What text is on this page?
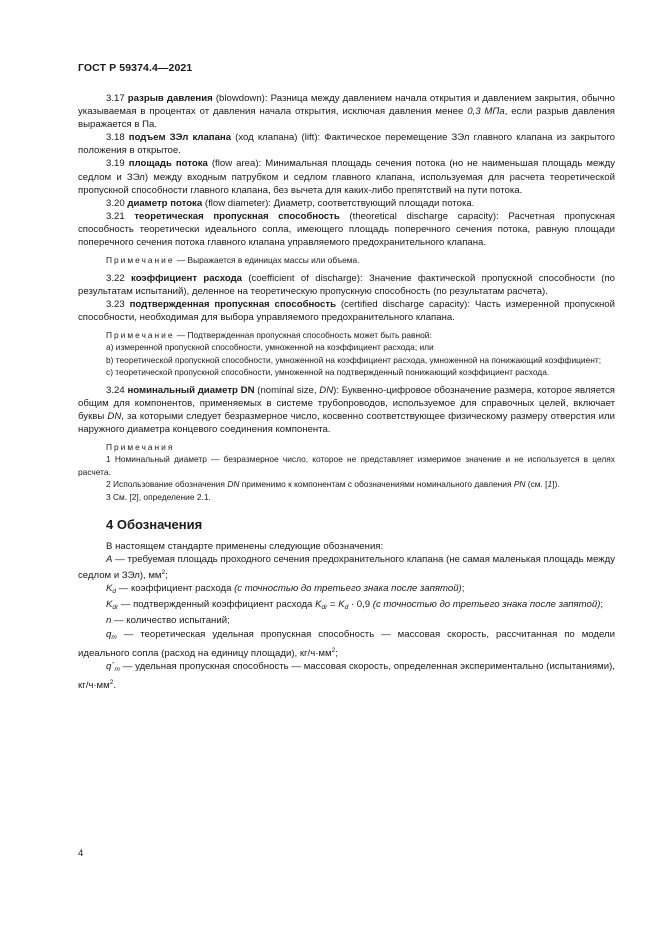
ГОСТ Р 59374.4—2021

3.17 разрыв давления (blowdown): Разница между давлением начала открытия и давлением закрытия, обычно указываемая в процентах от давления начала открытия, исключая давления менее 0,3 МПа, если разрыв давления выражается в Па.

3.18 подъем ЗЭл клапана (ход клапана) (lift): Фактическое перемещение ЗЭл главного клапана из закрытого положения в открытое.

3.19 площадь потока (flow area): Минимальная площадь сечения потока (но не наименьшая площадь между седлом и ЗЭл) между входным патрубком и седлом главного клапана, используемая для расчета теоретической пропускной способности главного клапана, без вычета для каких-либо препятствий на пути потока.

3.20 диаметр потока (flow diameter): Диаметр, соответствующий площади потока.

3.21 теоретическая пропускная способность (theoretical discharge capacity): Расчетная пропускная способность теоретически идеального сопла, имеющего площадь поперечного сечения потока, равную площади поперечного сечения потока главного клапана управляемого предохранительного клапана.

Примечание — Выражается в единицах массы или объема.

3.22 коэффициент расхода (coefficient of discharge): Значение фактической пропускной способности (по результатам испытаний), деленное на теоретическую пропускную способность (по результатам расчета).

3.23 подтвержденная пропускная способность (certified discharge capacity): Часть измеренной пропускной способности, необходимая для выбора управляемого предохранительного клапана.

Примечание — Подтвержденная пропускная способность может быть равной:

a) измеренной пропускной способности, умноженной на коэффициент расхода; или

b) теоретической пропускной способности, умноженной на коэффициент расхода, умноженной на понижающий коэффициент;

c) теоретической пропускной способности, умноженной на подтвержденный понижающий коэффициент расхода.

3.24 номинальный диаметр DN (nominal size, DN): Буквенно-цифровое обозначение размера, которое является общим для компонентов, применяемых в системе трубопроводов, используемое для справочных целей, включает буквы DN, за которыми следует безразмерное число, косвенно соответствующее физическому размеру отверстия или наружного диаметра концевого соединения компонента.

Примечания

1 Номинальный диаметр — безразмерное число, которое не представляет измеримое значение и не используется в целях расчета.

2 Использование обозначения DN применимо к компонентам с обозначениями номинального давления PN (см. [1]).

3 См. [2], определение 2.1.

4 Обозначения

В настоящем стандарте применены следующие обозначения:

A — требуемая площадь проходного сечения предохранительного клапана (не самая маленькая площадь между седлом и ЗЭл), $мм^2$;

$K_d$ — коэффициент расхода (с точностью до третьего знака после запятой);

$K_{dr}$ — подтвержденный коэффициент расхода $K_{dr} = K_d \cdot 0,9$ (с точностью до третьего знака после запятой);

n — количество испытаний;

$q_m$ — теоретическая удельная пропускная способность — массовая скорость, рассчитанная по модели идеального сопла (расход на единицу площади), $кг/ч\cdot мм^2$;

$q´_m$ — удельная пропускная способность — массовая скорость, определенная экспериментально (испытаниями), $кг/ч\cdot мм^2$.

4
